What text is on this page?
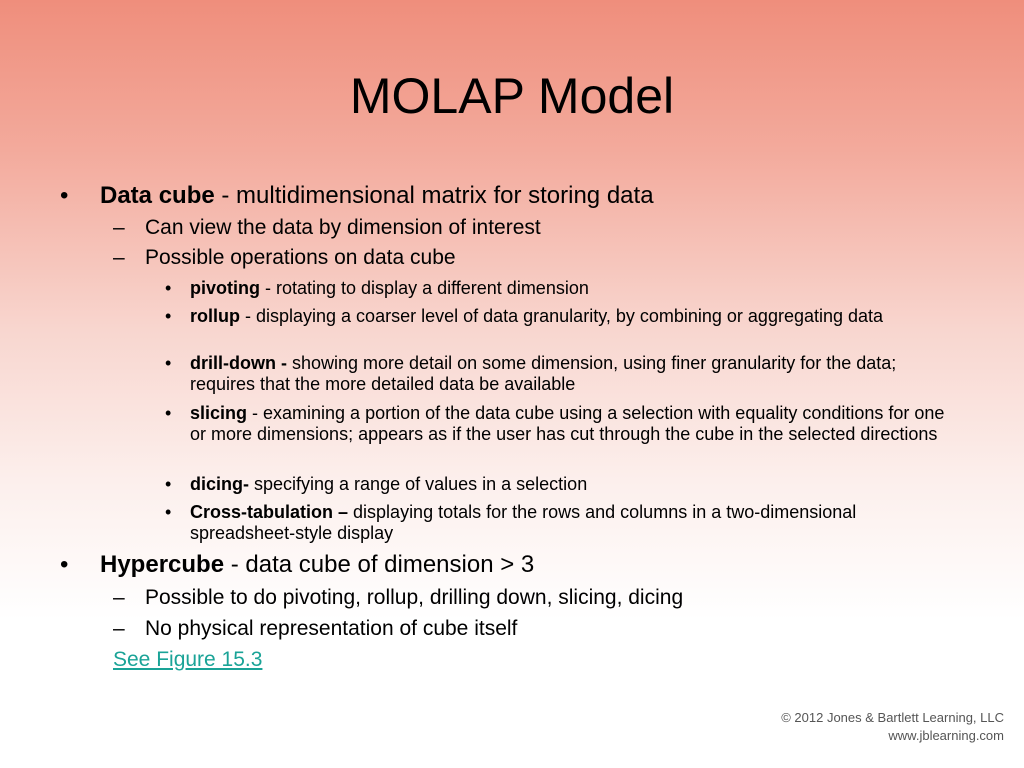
MOLAP Model
• Data cube - multidimensional matrix for storing data
– Can view the data by dimension of interest
– Possible operations on data cube
• pivoting - rotating to display a different dimension
• rollup - displaying a coarser level of data granularity, by combining or aggregating data
• drill-down - showing more detail on some dimension, using finer granularity for the data; requires that the more detailed data be available
• slicing - examining a portion of the data cube using a selection with equality conditions for one or more dimensions; appears as if the user has cut through the cube in the selected directions
• dicing- specifying a range of values in a selection
• Cross-tabulation – displaying totals for the rows and columns in a two-dimensional spreadsheet-style display
• Hypercube - data cube of dimension > 3
– Possible to do pivoting, rollup, drilling down, slicing, dicing
– No physical representation of cube itself
See Figure 15.3
© 2012 Jones & Bartlett Learning, LLC
www.jblearning.com
